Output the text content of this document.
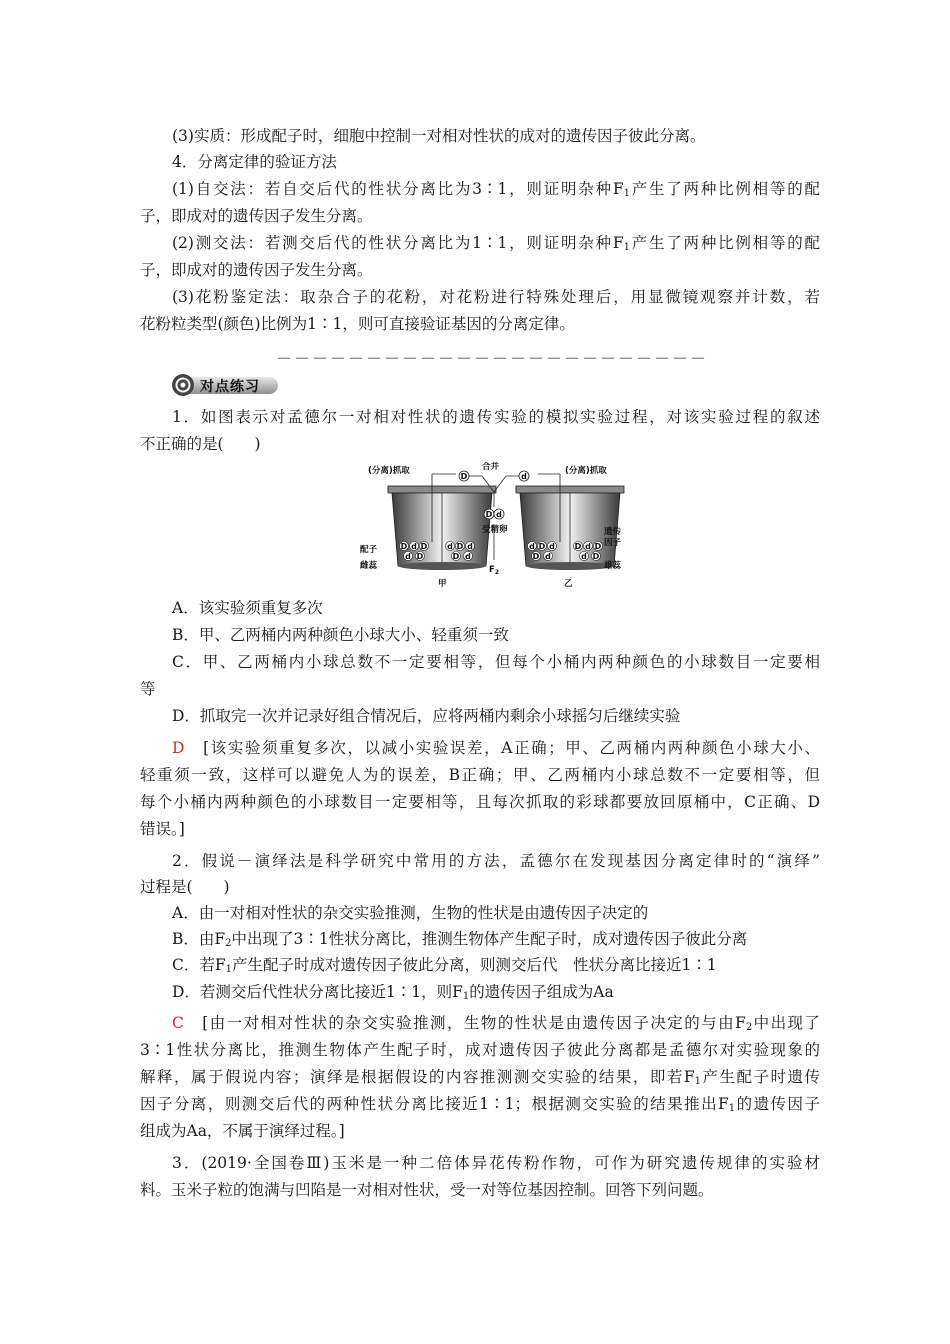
(3)实质：形成配子时，细胞中控制一对相对性状的成对的遗传因子彼此分离。
4．分离定律的验证方法
(1)自交法：若自交后代的性状分离比为3∶1，则证明杂种$F_1$产生了两种比例相等的配
子，即成对的遗传因子发生分离。
(2)测交法：若测交后代的性状分离比为1∶1，则证明杂种$F_1$产生了两种比例相等的配
子，即成对的遗传因子发生分离。
(3)花粉鉴定法：取杂合子的花粉，对花粉进行特殊处理后，用显微镜观察并计数，若
花粉粒类型(颜色)比例为1∶1，则可直接验证基因的分离定律。
－－－－－－－－－－－－－－－－－－－－－－－－
对点练习
1．如图表示对孟德尔一对相对性状的遗传实验的模拟实验过程，对该实验过程的叙述
不正确的是(　　)
D d D d D d
d D	D d
d D d D d D
D d	d D
D	d
D d
(分离)抓取	(分离)抓取
合并
受精卵
$F_2$
配子
雌蕊
遗传
因子
雄蕊
甲	乙
A．该实验须重复多次
B．甲、乙两桶内两种颜色小球大小、轻重须一致
C．甲、乙两桶内小球总数不一定要相等，但每个小桶内两种颜色的小球数目一定要相
等
D．抓取完一次并记录好组合情况后，应将两桶内剩余小球摇匀后继续实验
D　 [该实验须重复多次，以减小实验误差，A正确；甲、乙两桶内两种颜色小球大小、
轻重须一致，这样可以避免人为的误差，B正确；甲、乙两桶内小球总数不一定要相等，但
每个小桶内两种颜色的小球数目一定要相等，且每次抓取的彩球都要放回原桶中，C正确、D
错误。]
2．假说－演绎法是科学研究中常用的方法，孟德尔在发现基因分离定律时的“演绎”
过程是(　　)
A．由一对相对性状的杂交实验推测，生物的性状是由遗传因子决定的
B．由$F_2$中出现了3∶1性状分离比，推测生物体产生配子时，成对遗传因子彼此分离
C．若$F_1$产生配子时成对遗传因子彼此分离，则测交后代　性状分离比接近1∶1
D．若测交后代性状分离比接近1∶1，则$F_1$的遗传因子组成为Aa
C　 [由一对相对性状的杂交实验推测，生物的性状是由遗传因子决定的与由$F_2$中出现了
3∶1性状分离比，推测生物体产生配子时，成对遗传因子彼此分离都是孟德尔对实验现象的
解释，属于假说内容；演绎是根据假设的内容推测测交实验的结果，即若$F_1$产生配子时遗传
因子分离，则测交后代的两种性状分离比接近1∶1；根据测交实验的结果推出$F_1$的遗传因子
组成为Aa，不属于演绎过程。]
3．(2019·全国卷Ⅲ)玉米是一种二倍体异花传粉作物，可作为研究遗传规律的实验材
料。玉米子粒的饱满与凹陷是一对相对性状，受一对等位基因控制。回答下列问题。
